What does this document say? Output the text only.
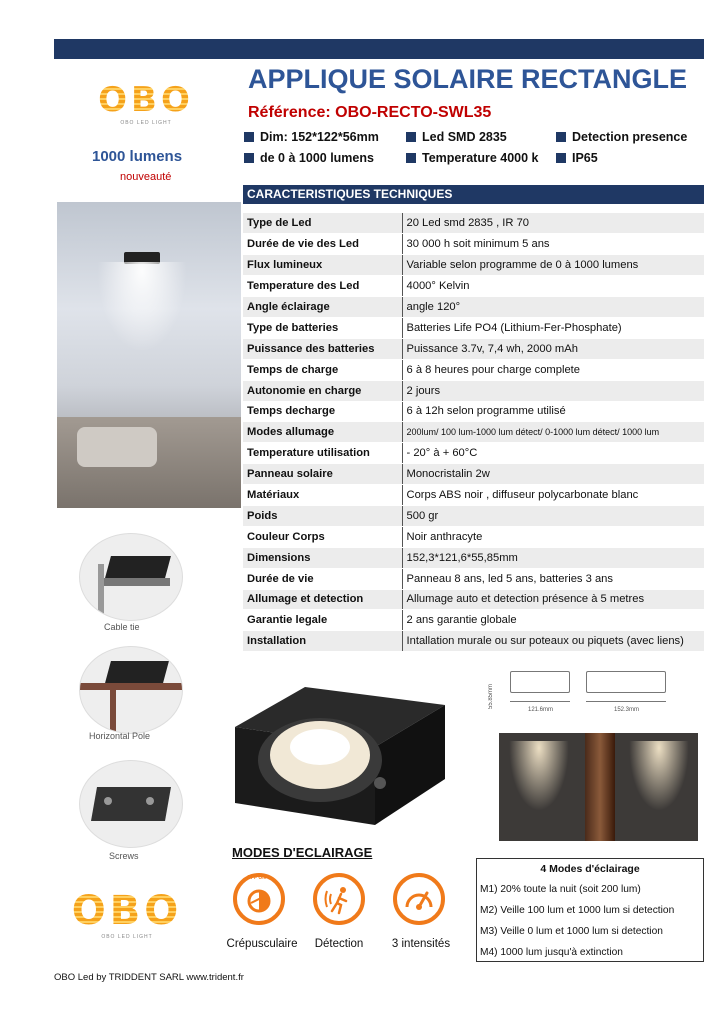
OBO
OBO LED LIGHT
APPLIQUE SOLAIRE RECTANGLE
Référence: OBO-RECTO-SWL35
Dim: 152*122*56mm	Led SMD 2835	Detection presence
de 0 à 1000 lumens	Temperature 4000 k	IP65
1000 lumens
nouveauté
CARACTERISTIQUES TECHNIQUES
Type de Led	20 Led smd 2835 , IR 70
Durée de vie des Led	30 000 h soit minimum 5 ans
Flux lumineux	Variable selon programme de 0 à 1000 lumens
Temperature des Led	4000° Kelvin
Angle éclairage	angle 120°
Type de batteries	Batteries Life PO4 (Lithium-Fer-Phosphate)
Puissance des batteries	Puissance 3.7v, 7,4 wh, 2000 mAh
Temps de charge	6 à 8 heures pour charge complete
Autonomie en charge	2 jours
Temps decharge	6 à 12h selon programme utilisé
Modes allumage	200lum/ 100 lum-1000 lum détect/ 0-1000 lum détect/ 1000 lum
Temperature utilisation	- 20° à + 60°C
Panneau solaire	Monocristalin 2w
Matériaux	Corps ABS noir , diffuseur polycarbonate blanc
Poids	500 gr
Couleur Corps	Noir anthracyte
Dimensions	152,3*121,6*55,85mm
Durée de vie	Panneau 8 ans, led 5 ans, batteries 3 ans
Allumage et detection	Allumage auto et detection présence à 5 metres
Garantie legale	2 ans garantie globale
Installation	Intallation murale ou sur poteaux ou piquets (avec liens)
Cable tie
Horizontal Pole
Screws
55.85mm
121.6mm	152.3mm
MODES D'ECLAIRAGE
OFF ON
Crépusculaire	Détection	3 intensités
4 Modes d'éclairage
M1) 20% toute la nuit (soit 200 lum)
M2) Veille 100 lum et 1000 lum si detection
M3) Veille 0 lum et 1000 lum si detection
M4) 1000 lum jusqu'à extinction
OBO
OBO LED LIGHT
OBO Led by TRIDDENT SARL www.trident.fr
